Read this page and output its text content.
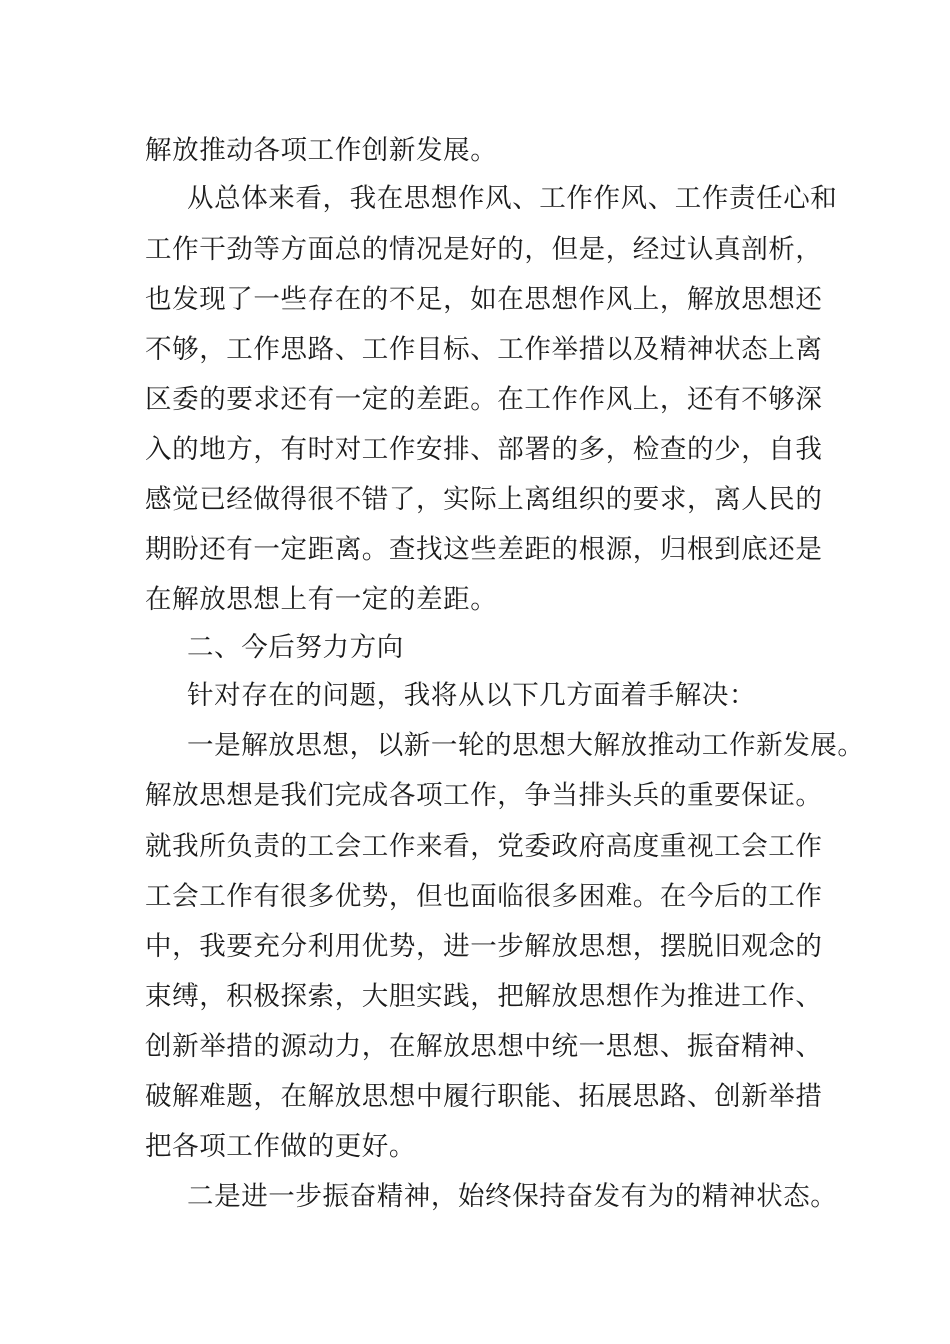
解放推动各项工作创新发展。
从总体来看，我在思想作风、工作作风、工作责任心和
工作干劲等方面总的情况是好的，但是，经过认真剖析，
也发现了一些存在的不足，如在思想作风上，解放思想还
不够，工作思路、工作目标、工作举措以及精神状态上离
区委的要求还有一定的差距。在工作作风上，还有不够深
入的地方，有时对工作安排、部署的多，检查的少，自我
感觉已经做得很不错了，实际上离组织的要求，离人民的
期盼还有一定距离。查找这些差距的根源，归根到底还是
在解放思想上有一定的差距。
二、今后努力方向
针对存在的问题，我将从以下几方面着手解决：
一是解放思想，以新一轮的思想大解放推动工作新发展。
解放思想是我们完成各项工作，争当排头兵的重要保证。
就我所负责的工会工作来看，党委政府高度重视工会工作
工会工作有很多优势，但也面临很多困难。在今后的工作
中，我要充分利用优势，进一步解放思想，摆脱旧观念的
束缚，积极探索，大胆实践，把解放思想作为推进工作、
创新举措的源动力，在解放思想中统一思想、振奋精神、
破解难题，在解放思想中履行职能、拓展思路、创新举措
把各项工作做的更好。
二是进一步振奋精神，始终保持奋发有为的精神状态。
